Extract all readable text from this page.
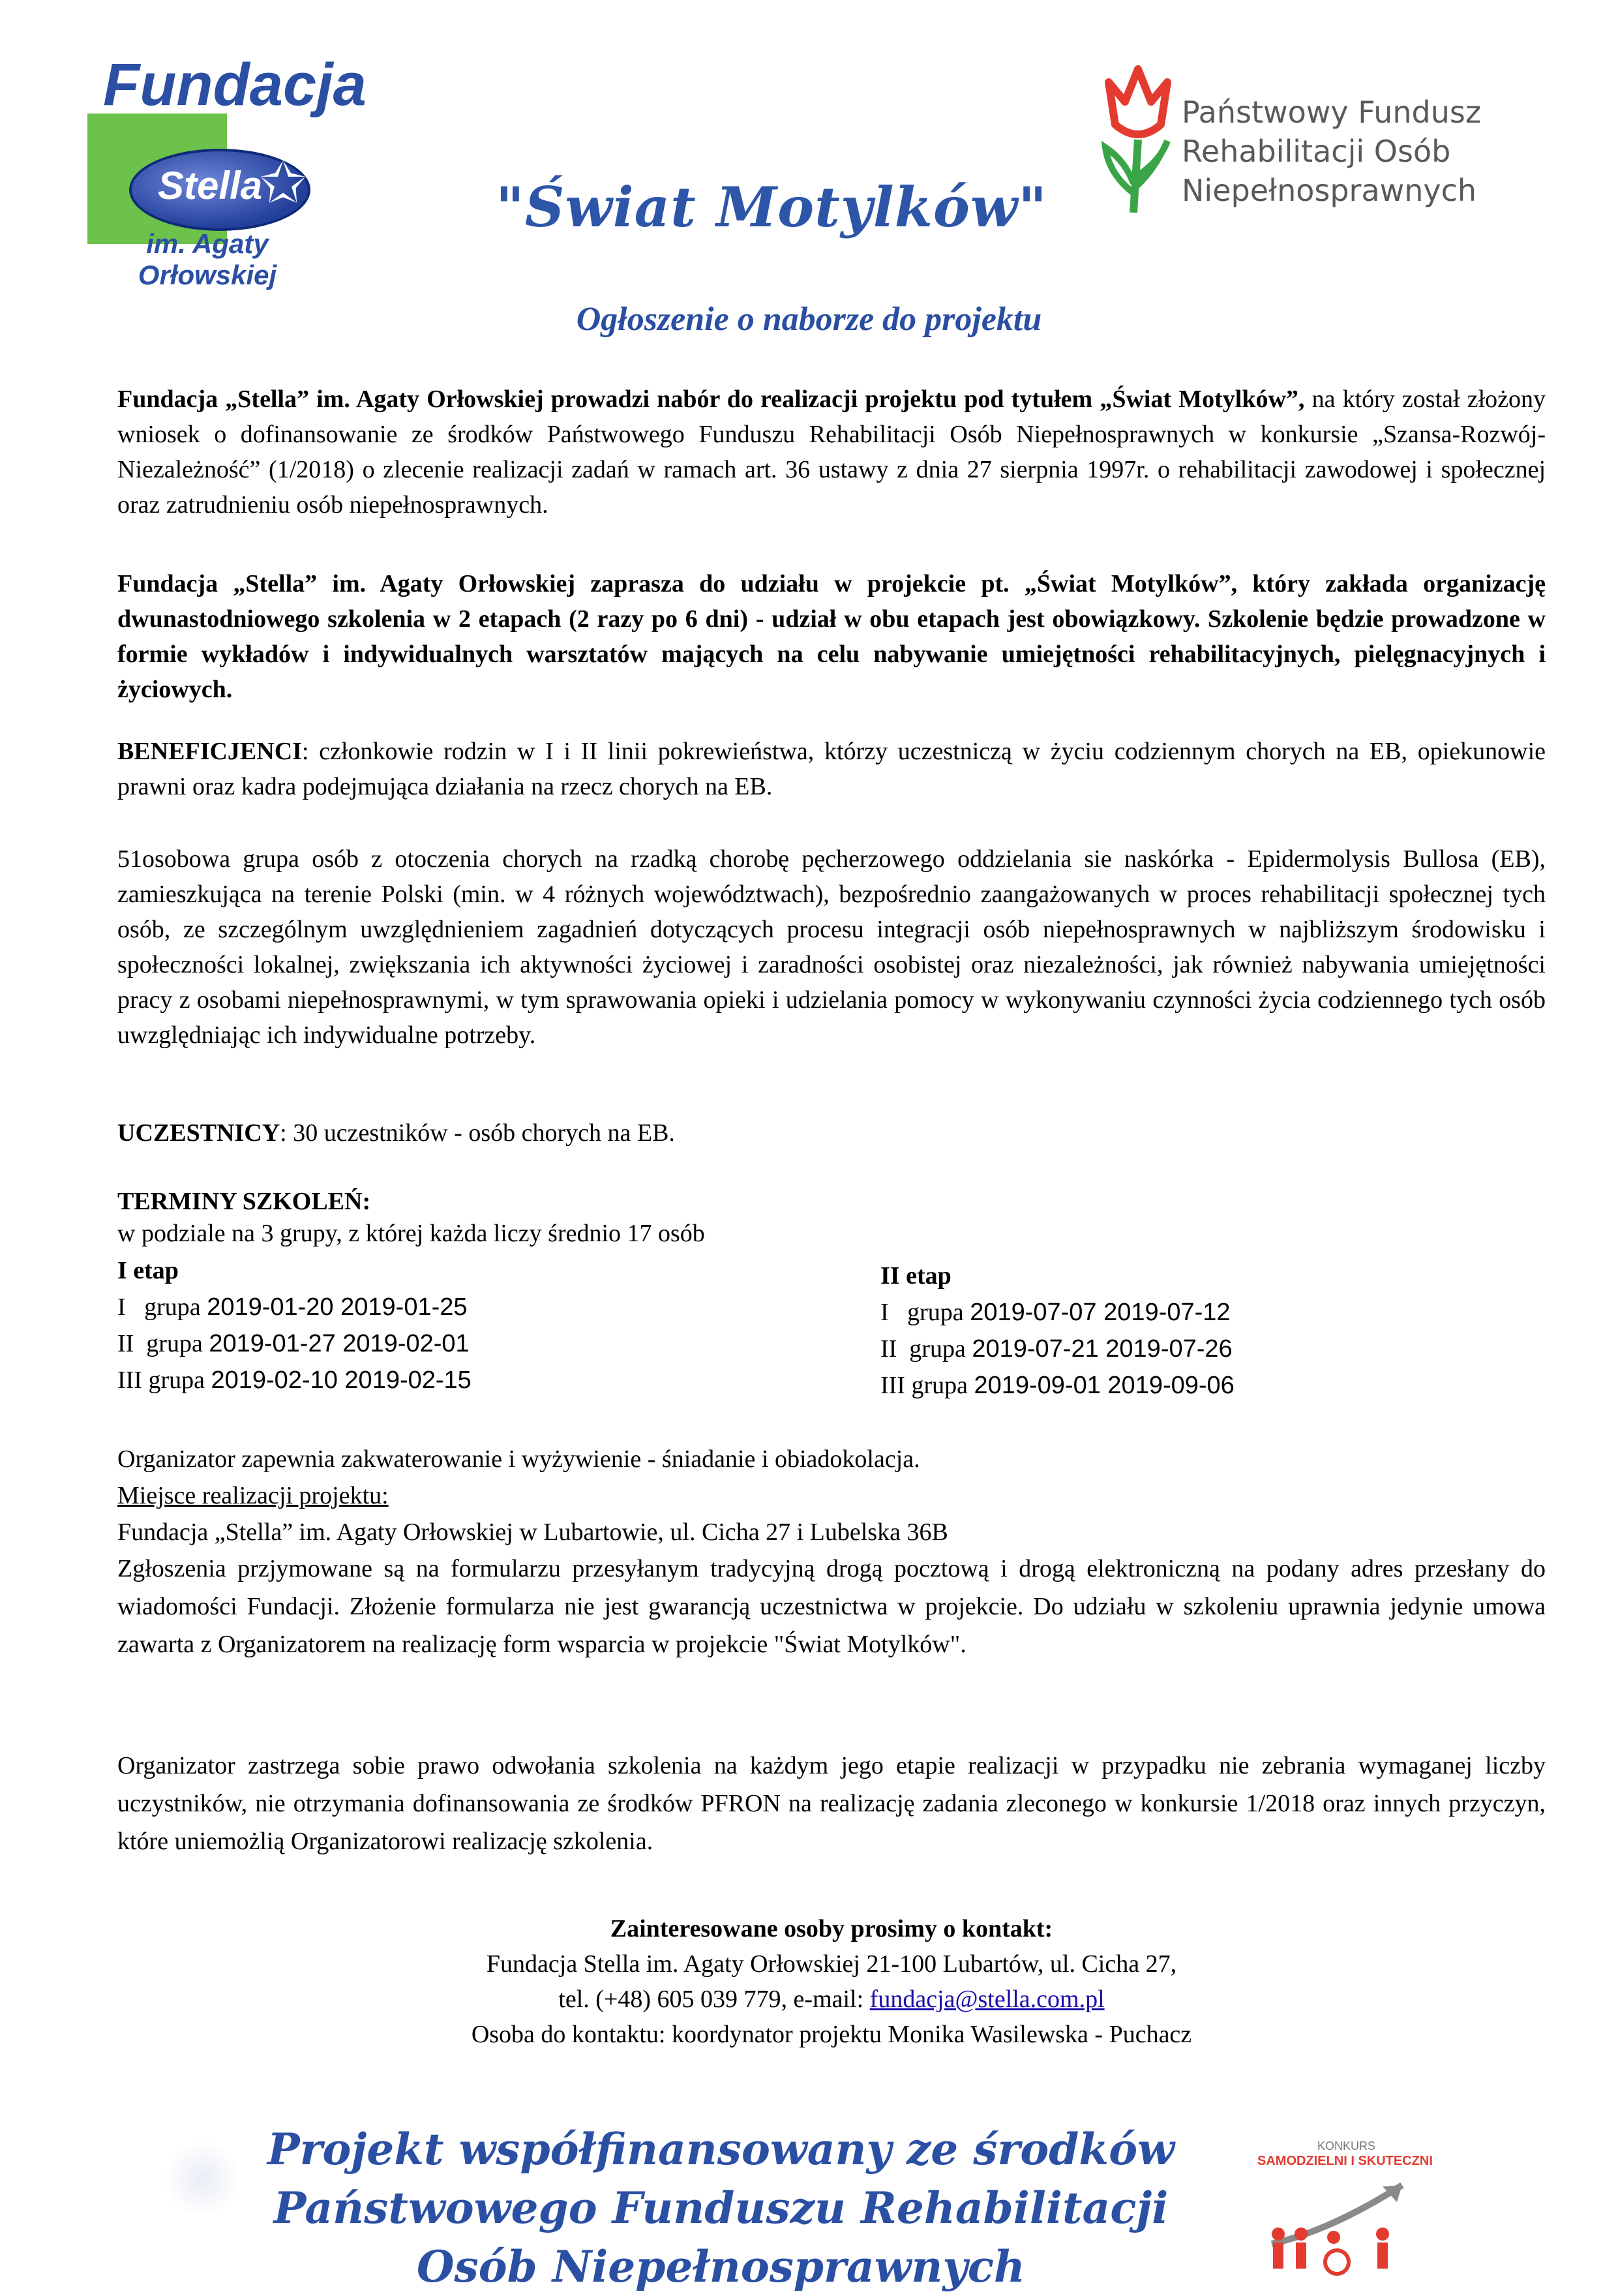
Fundacja
Stella
✩
im. Agaty Orłowskiej
"Świat Motylków"
Państwowy Fundusz
Rehabilitacji Osób
Niepełnosprawnych
Ogłoszenie o naborze do projektu
Fundacja „Stella” im. Agaty Orłowskiej prowadzi nabór do realizacji projektu pod tytułem „Świat Motylków”, na który został złożony wniosek o dofinansowanie ze środków Państwowego Funduszu Rehabilitacji Osób Niepełnosprawnych w konkursie „Szansa-Rozwój-Niezależność” (1/2018) o zlecenie realizacji zadań w ramach art. 36 ustawy z dnia 27 sierpnia 1997r. o rehabilitacji zawodowej i społecznej oraz zatrudnieniu osób niepełnosprawnych.
Fundacja „Stella” im. Agaty Orłowskiej zaprasza do udziału w projekcie pt. „Świat Motylków”, który zakłada organizację dwunastodniowego szkolenia w 2 etapach (2 razy po 6 dni) - udział w obu etapach jest obowiązkowy. Szkolenie będzie prowadzone w formie wykładów i indywidualnych warsztatów mających na celu nabywanie umiejętności rehabilitacyjnych, pielęgnacyjnych i życiowych.
BENEFICJENCI: członkowie rodzin w I i II linii pokrewieństwa, którzy uczestniczą w życiu codziennym chorych na EB, opiekunowie prawni oraz kadra podejmująca działania na rzecz chorych na EB.
51osobowa grupa osób z otoczenia chorych na rzadką chorobę pęcherzowego oddzielania sie naskórka - Epidermolysis Bullosa (EB), zamieszkująca na terenie Polski (min. w 4 różnych województwach), bezpośrednio zaangażowanych w proces rehabilitacji społecznej tych osób, ze szczególnym uwzględnieniem zagadnień dotyczących procesu integracji osób niepełnosprawnych w najbliższym środowisku i społeczności lokalnej, zwiększania ich aktywności życiowej i zaradności osobistej oraz niezależności, jak również nabywania umiejętności pracy z osobami niepełnosprawnymi, w tym sprawowania opieki i udzielania pomocy w wykonywaniu czynności życia codziennego tych osób uwzględniając ich indywidualne potrzeby.
UCZESTNICY: 30 uczestników - osób chorych na EB.
TERMINY SZKOLEŃ:
w podziale na 3 grupy, z której każda liczy średnio 17 osób
I etap
I   grupa 2019-01-20 2019-01-25
II  grupa 2019-01-27 2019-02-01
III grupa 2019-02-10 2019-02-15
II etap
I   grupa 2019-07-07 2019-07-12
II  grupa 2019-07-21 2019-07-26
III grupa 2019-09-01 2019-09-06
Organizator zapewnia zakwaterowanie i wyżywienie - śniadanie i obiadokolacja.
Miejsce realizacji projektu:
Fundacja „Stella” im. Agaty Orłowskiej w Lubartowie, ul. Cicha 27 i Lubelska 36B
Zgłoszenia przjymowane są na formularzu przesyłanym tradycyjną drogą pocztową i drogą elektroniczną na podany adres przesłany do wiadomości Fundacji. Złożenie formularza nie jest gwarancją uczestnictwa w projekcie. Do udziału w szkoleniu uprawnia jedynie umowa zawarta z Organizatorem na realizację form wsparcia w projekcie "Świat Motylków".
Organizator zastrzega sobie prawo odwołania szkolenia na każdym jego etapie realizacji w przypadku nie zebrania wymaganej liczby uczystników, nie otrzymania dofinansowania ze środków PFRON na realizację zadania zleconego w konkursie 1/2018 oraz innych przyczyn, które uniemożlią Organizatorowi realizację szkolenia.
Zainteresowane osoby prosimy o kontakt:
Fundacja Stella im. Agaty Orłowskiej 21-100 Lubartów, ul. Cicha 27,
tel. (+48) 605 039 779, e-mail: fundacja@stella.com.pl
Osoba do kontaktu: koordynator projektu Monika Wasilewska - Puchacz
Projekt współfinansowany ze środków
Państwowego Funduszu Rehabilitacji
Osób Niepełnosprawnych
KONKURS
SAMODZIELNI I SKUTECZNI
